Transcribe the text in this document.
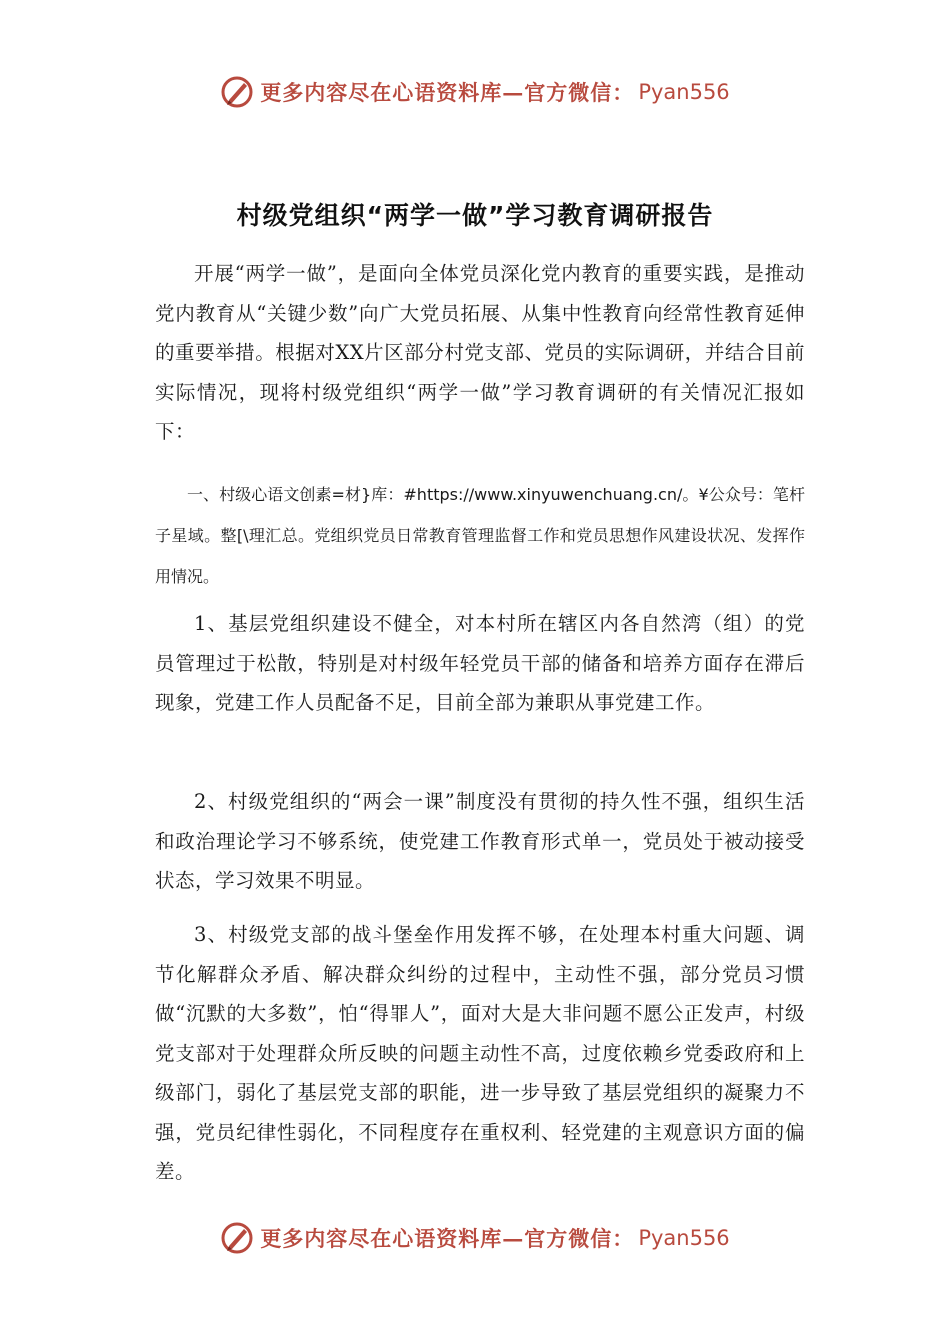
更多内容尽在心语资料库—官方微信： Pyan556
村级党组织“两学一做”学习教育调研报告

开展“两学一做”，是面向全体党员深化党内教育的重要实践，是推动党内教育从“关键少数”向广大党员拓展、从集中性教育向经常性教育延伸的重要举措。根据对XX片区部分村党支部、党员的实际调研，并结合目前实际情况，现将村级党组织“两学一做”学习教育调研的有关情况汇报如下：

一、村级心语文创素=材}库：#https://www.xinyuwenchuang.cn/。¥公众号：笔杆子星域。整[\理汇总。党组织党员日常教育管理监督工作和党员思想作风建设状况、发挥作用情况。

1、基层党组织建设不健全，对本村所在辖区内各自然湾（组）的党员管理过于松散，特别是对村级年轻党员干部的储备和培养方面存在滞后现象，党建工作人员配备不足，目前全部为兼职从事党建工作。

2、村级党组织的“两会一课”制度没有贯彻的持久性不强，组织生活和政治理论学习不够系统，使党建工作教育形式单一，党员处于被动接受状态，学习效果不明显。

3、村级党支部的战斗堡垒作用发挥不够，在处理本村重大问题、调节化解群众矛盾、解决群众纠纷的过程中，主动性不强，部分党员习惯做“沉默的大多数”，怕“得罪人”，面对大是大非问题不愿公正发声，村级党支部对于处理群众所反映的问题主动性不高，过度依赖乡党委政府和上级部门，弱化了基层党支部的职能，进一步导致了基层党组织的凝聚力不强，党员纪律性弱化，不同程度存在重权利、轻党建的主观意识方面的偏差。

更多内容尽在心语资料库—官方微信： Pyan556
